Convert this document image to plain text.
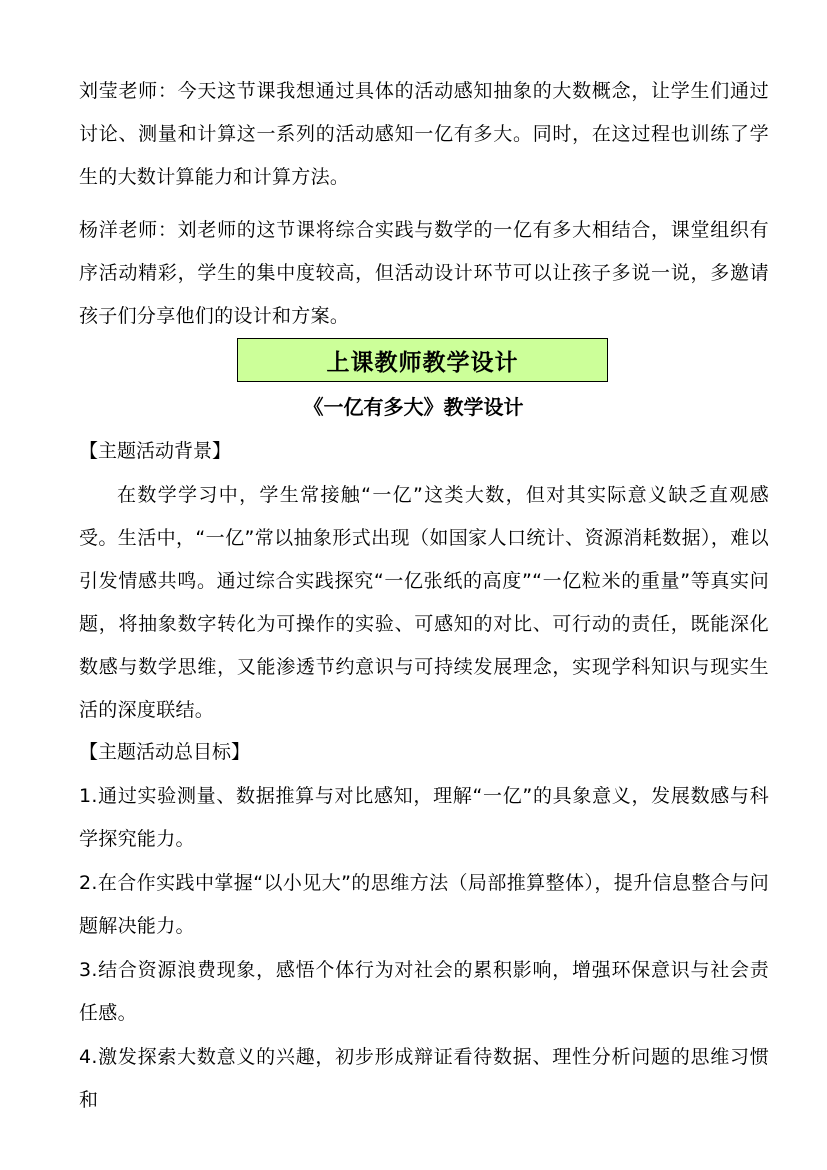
刘莹老师：今天这节课我想通过具体的活动感知抽象的大数概念，让学生们通过讨论、测量和计算这一系列的活动感知一亿有多大。同时，在这过程也训练了学生的大数计算能力和计算方法。

杨洋老师：刘老师的这节课将综合实践与数学的一亿有多大相结合，课堂组织有序活动精彩，学生的集中度较高，但活动设计环节可以让孩子多说一说，多邀请孩子们分享他们的设计和方案。

上课教师教学设计
《一亿有多大》教学设计

【主题活动背景】

在数学学习中，学生常接触“一亿”这类大数，但对其实际意义缺乏直观感受。生活中，“一亿”常以抽象形式出现（如国家人口统计、资源消耗数据），难以引发情感共鸣。通过综合实践探究“一亿张纸的高度”“一亿粒米的重量”等真实问题，将抽象数字转化为可操作的实验、可感知的对比、可行动的责任，既能深化数感与数学思维，又能渗透节约意识与可持续发展理念，实现学科知识与现实生活的深度联结。

【主题活动总目标】

1.通过实验测量、数据推算与对比感知，理解“一亿”的具象意义，发展数感与科学探究能力。

2.在合作实践中掌握“以小见大”的思维方法（局部推算整体），提升信息整合与问题解决能力。

3.结合资源浪费现象，感悟个体行为对社会的累积影响，增强环保意识与社会责任感。

4.激发探索大数意义的兴趣，初步形成辩证看待数据、理性分析问题的思维习惯和
